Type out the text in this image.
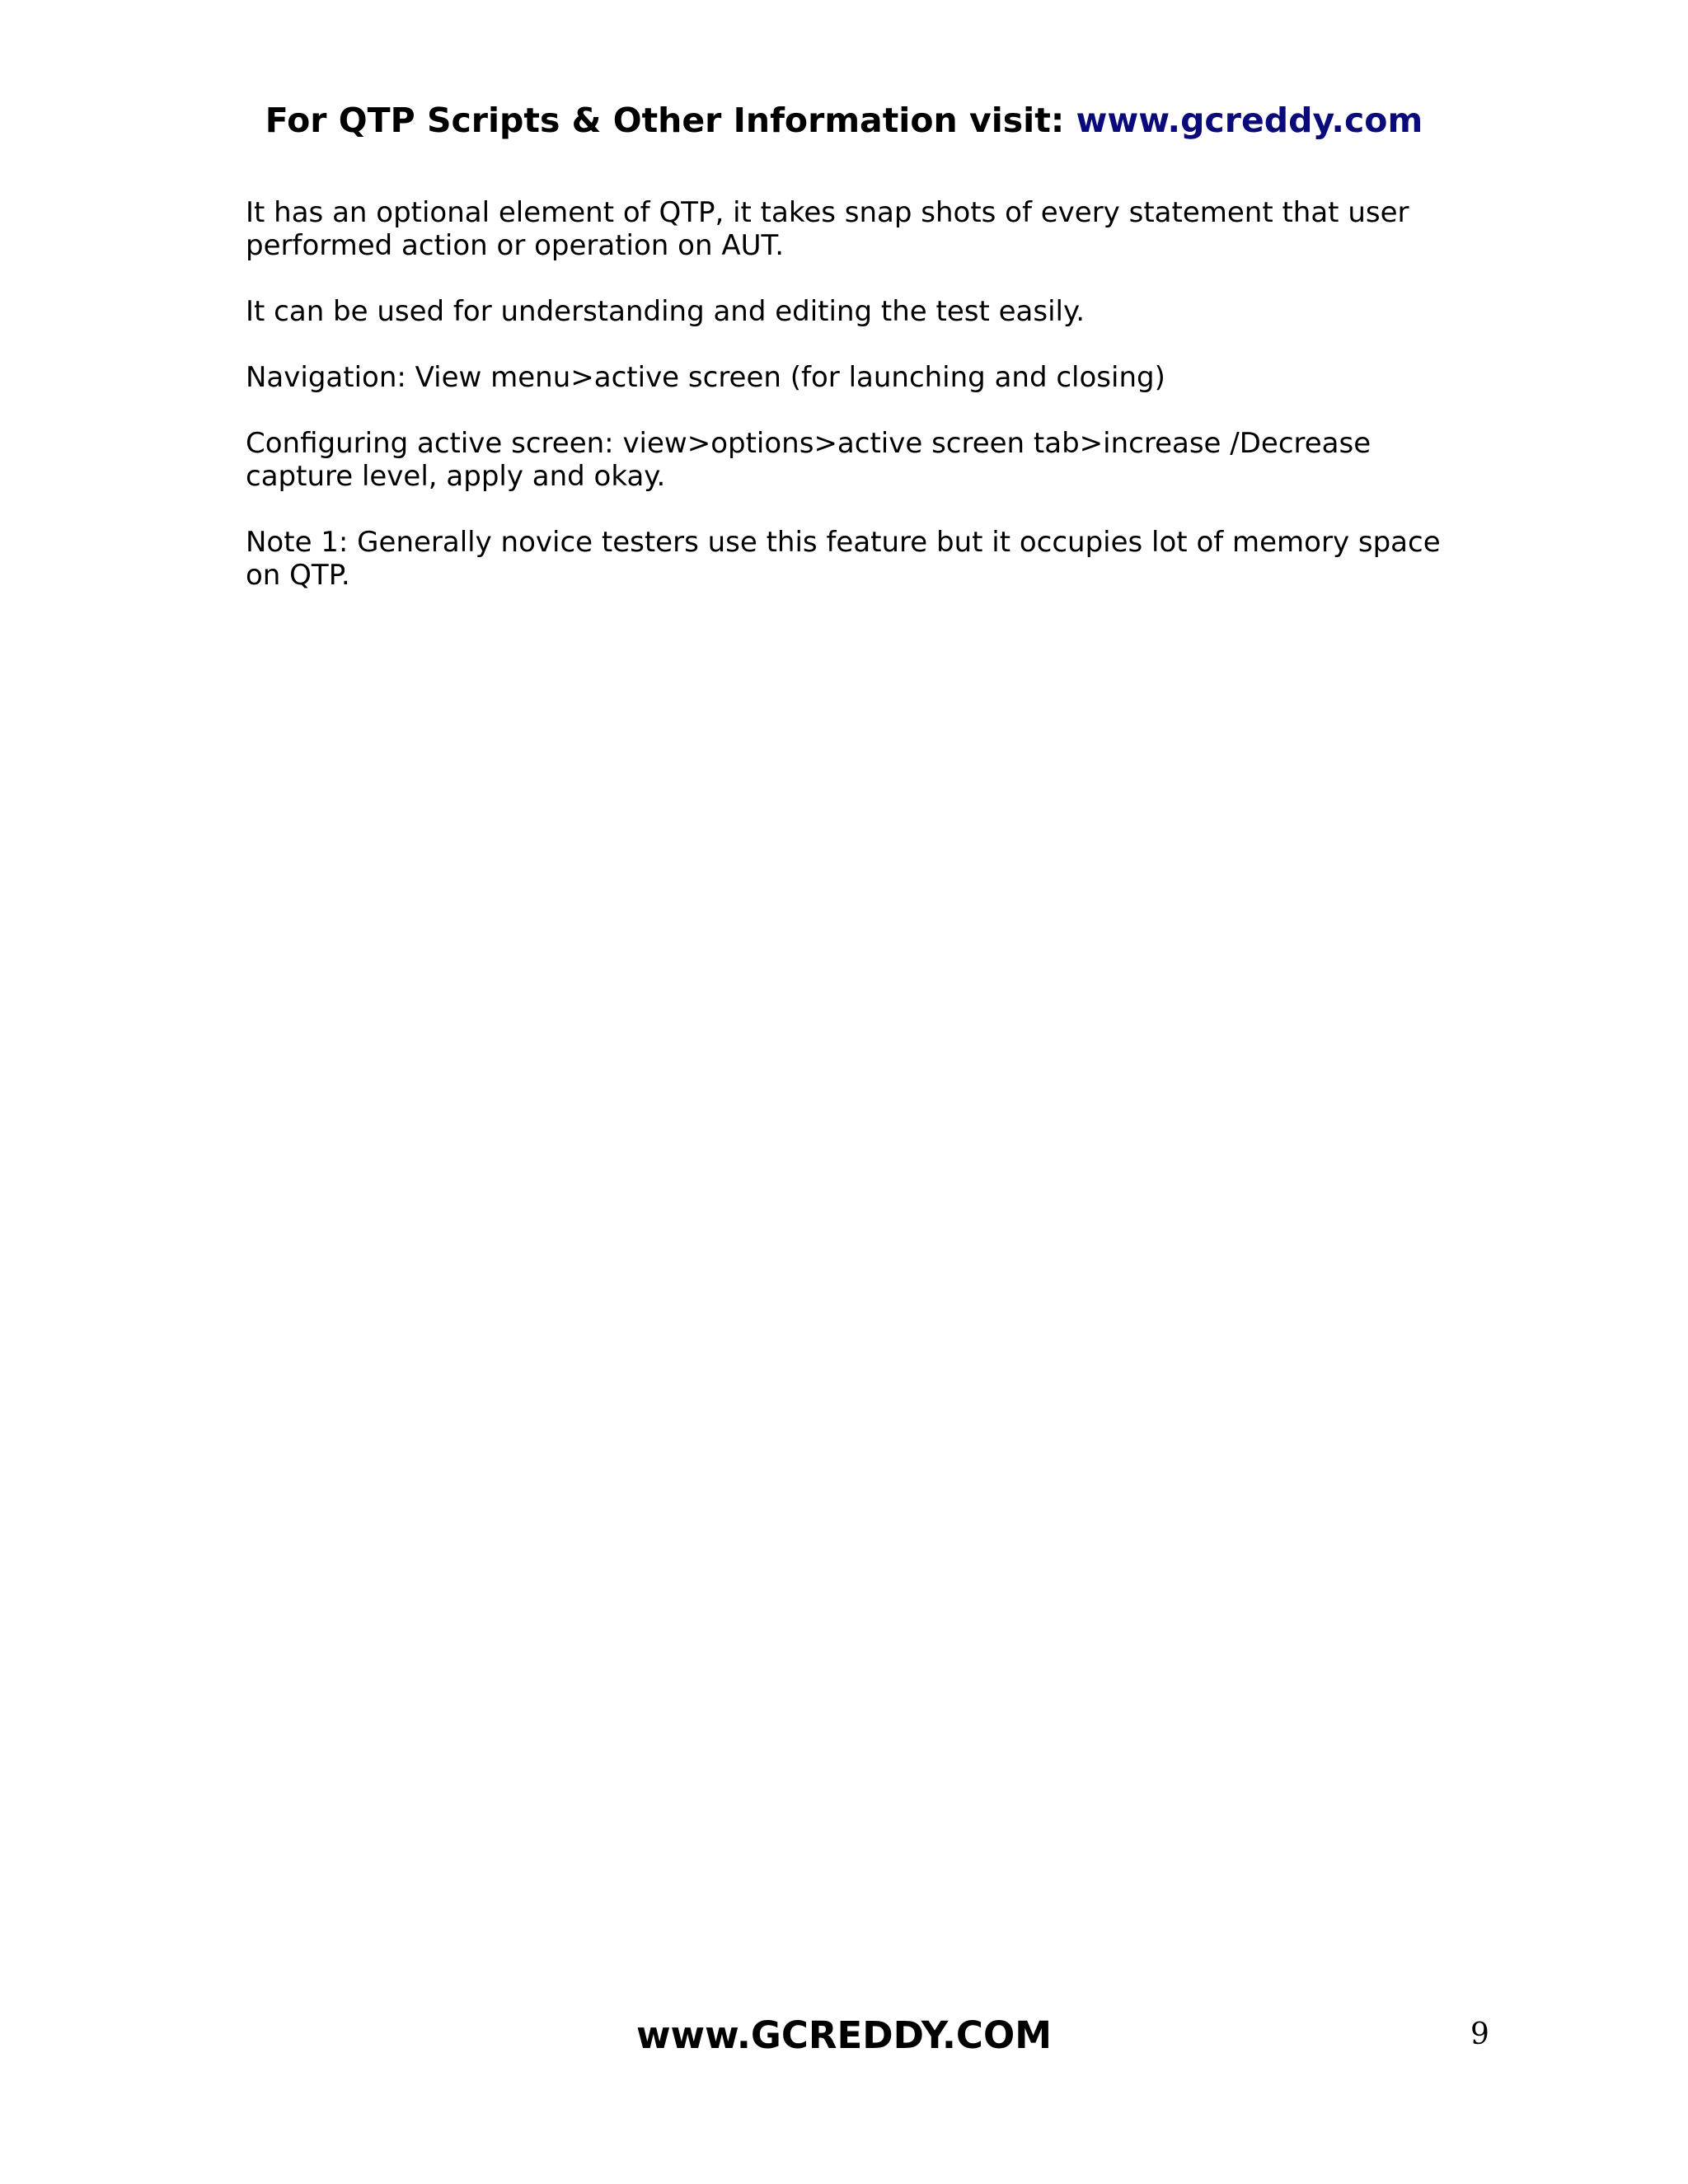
For QTP Scripts & Other Information visit: www.gcreddy.com

It has an optional element of QTP, it takes snap shots of every statement that user performed action or operation on AUT.

It can be used for understanding and editing the test easily.

Navigation: View menu>active screen (for launching and closing)

Configuring active screen: view>options>active screen tab>increase /Decrease capture level, apply and okay.

Note 1: Generally novice testers use this feature but it occupies lot of memory space on QTP.

www.GCREDDY.COM	9
